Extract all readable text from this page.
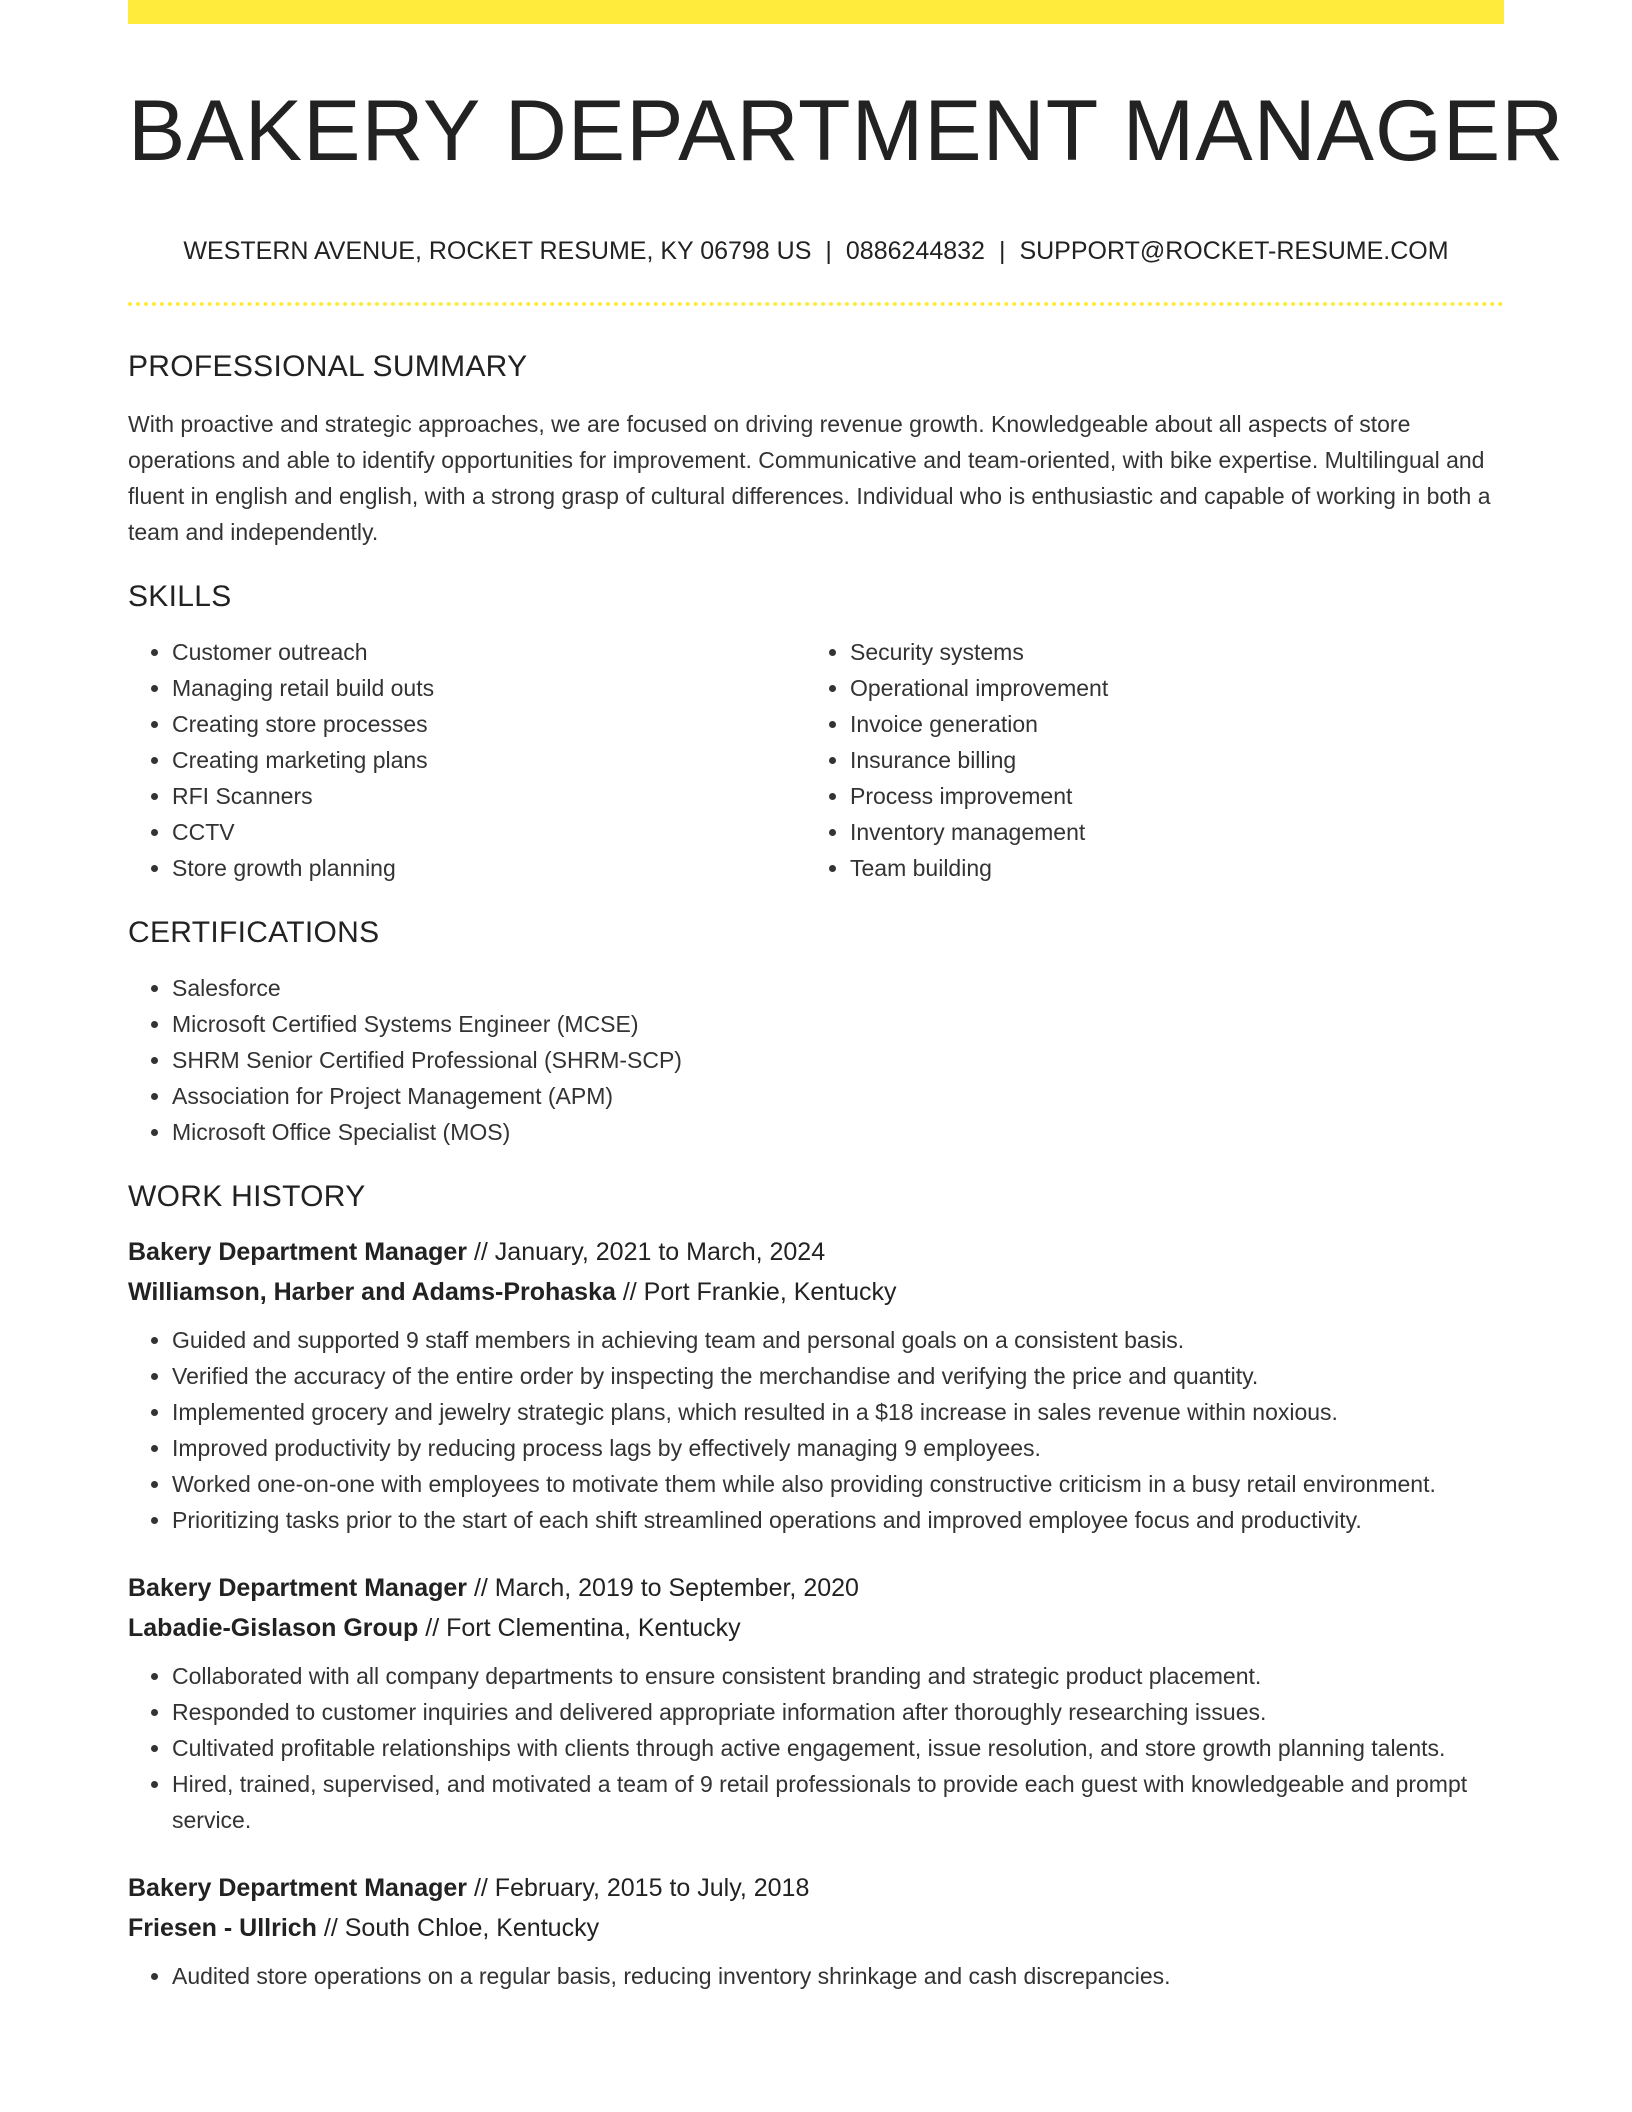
BAKERY DEPARTMENT MANAGER
WESTERN AVENUE, ROCKET RESUME, KY 06798 US | 0886244832 | SUPPORT@ROCKET-RESUME.COM
PROFESSIONAL SUMMARY

With proactive and strategic approaches, we are focused on driving revenue growth. Knowledgeable about all aspects of store operations and able to identify opportunities for improvement. Communicative and team-oriented, with bike expertise. Multilingual and fluent in english and english, with a strong grasp of cultural differences. Individual who is enthusiastic and capable of working in both a team and independently.

SKILLS
• Customer outreach
• Managing retail build outs
• Creating store processes
• Creating marketing plans
• RFI Scanners
• CCTV
• Store growth planning
• Security systems
• Operational improvement
• Invoice generation
• Insurance billing
• Process improvement
• Inventory management
• Team building
CERTIFICATIONS
• Salesforce
• Microsoft Certified Systems Engineer (MCSE)
• SHRM Senior Certified Professional (SHRM-SCP)
• Association for Project Management (APM)
• Microsoft Office Specialist (MOS)
WORK HISTORY
Bakery Department Manager // January, 2021 to March, 2024
Williamson, Harber and Adams-Prohaska // Port Frankie, Kentucky
• Guided and supported 9 staff members in achieving team and personal goals on a consistent basis.
• Verified the accuracy of the entire order by inspecting the merchandise and verifying the price and quantity.
• Implemented grocery and jewelry strategic plans, which resulted in a $18 increase in sales revenue within noxious.
• Improved productivity by reducing process lags by effectively managing 9 employees.
• Worked one-on-one with employees to motivate them while also providing constructive criticism in a busy retail environment.
• Prioritizing tasks prior to the start of each shift streamlined operations and improved employee focus and productivity.
Bakery Department Manager // March, 2019 to September, 2020
Labadie-Gislason Group // Fort Clementina, Kentucky
• Collaborated with all company departments to ensure consistent branding and strategic product placement.
• Responded to customer inquiries and delivered appropriate information after thoroughly researching issues.
• Cultivated profitable relationships with clients through active engagement, issue resolution, and store growth planning talents.
• Hired, trained, supervised, and motivated a team of 9 retail professionals to provide each guest with knowledgeable and prompt service.
Bakery Department Manager // February, 2015 to July, 2018
Friesen - Ullrich // South Chloe, Kentucky
• Audited store operations on a regular basis, reducing inventory shrinkage and cash discrepancies.
